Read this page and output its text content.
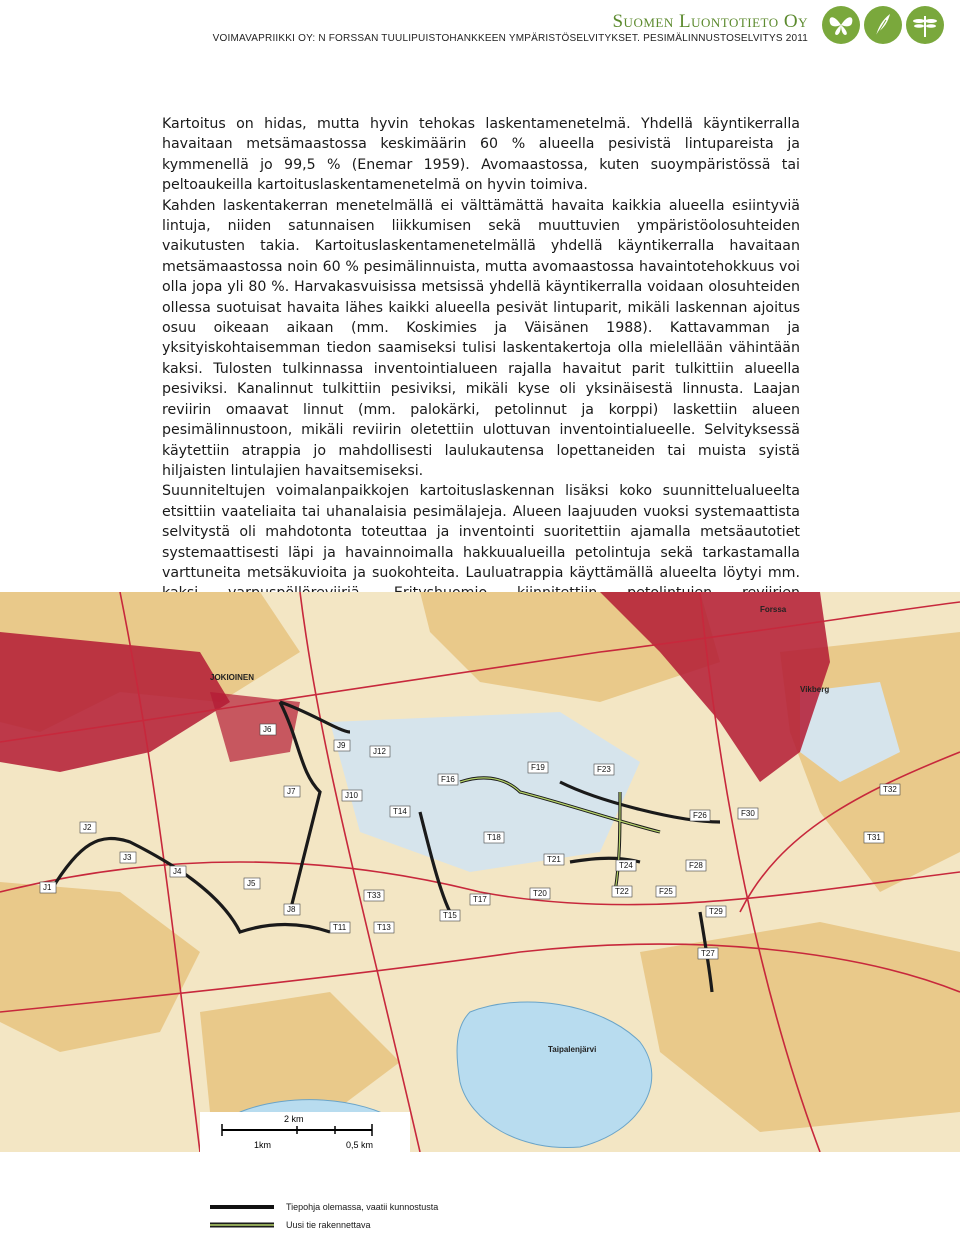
Suomen Luontotieto Oy
VOIMAVAPRIIKKI OY: N FORSSAN TUULIPUISTOHANKKEEN YMPÄRISTÖSELVITYKSET. PESIMÄLINNUSTOSELVITYS 2011

Kartoitus on hidas, mutta hyvin tehokas laskentamenetelmä. Yhdellä käyntikerralla havaitaan metsämaastossa keskimäärin 60 % alueella pesivistä lintupareista ja kymmenellä jo 99,5 % (Enemar 1959). Avomaastossa, kuten suoympäristössä tai peltoaukeilla kartoituslaskentamenetelmä on hyvin toimiva.

Kahden laskentakerran menetelmällä ei välttämättä havaita kaikkia alueella esiintyviä lintuja, niiden satunnaisen liikkumisen sekä muuttuvien ympäristöolosuhteiden vaikutusten takia. Kartoituslaskentamenetelmällä yhdellä käyntikerralla havaitaan metsämaastossa noin 60 % pesimälinnuista, mutta avomaastossa havaintotehokkuus voi olla jopa yli 80 %. Harvakasvuisissa metsissä yhdellä käyntikerralla voidaan olosuhteiden ollessa suotuisat havaita lähes kaikki alueella pesivät lintuparit, mikäli laskennan ajoitus osuu oikeaan aikaan (mm. Koskimies ja Väisänen 1988). Kattavamman ja yksityiskohtaisemman tiedon saamiseksi tulisi laskentakertoja olla mielellään vähintään kaksi. Tulosten tulkinnassa inventointialueen rajalla havaitut parit tulkittiin alueella pesiviksi. Kanalinnut tulkittiin pesiviksi, mikäli kyse oli yksinäisestä linnusta. Laajan reviirin omaavat linnut (mm. palokärki, petolinnut ja korppi) laskettiin alueen pesimälinnustoon, mikäli reviirin oletettiin ulottuvan inventointialueelle. Selvityksessä käytettiin atrappia jo mahdollisesti laulukautensa lopettaneiden tai muista syistä hiljaisten lintulajien havaitsemiseksi.

Suunniteltujen voimalanpaikkojen kartoituslaskennan lisäksi koko suunnittelualueelta etsittiin vaateliaita tai uhanalaisia pesimälajeja. Alueen laajuuden vuoksi systemaattista selvitystä oli mahdotonta toteuttaa ja inventointi suoritettiin ajamalla metsäautotiet systemaattisesti läpi ja havainnoimalla hakkuualueilla petolintuja sekä tarkastamalla varttuneita metsäkuvioita ja suokohteita. Lauluatrappia käyttämällä alueelta löytyi mm.

JOKIOINEN
Taipalenjärvi
Forssa
Vikberg
J1
J2
J3
J4
J5
J6
J7
J8
J9
J10
J12
F16
F19	F23
F25
F26
F28
F30
T11	T13
T14
T15
T17
T18
T20
T21
T22
T24
T27
T29
T31
T32
T33
2 km
1km	0,5 km
Tiepohja olemassa, vaatii kunnostusta
Uusi tie rakennettava
